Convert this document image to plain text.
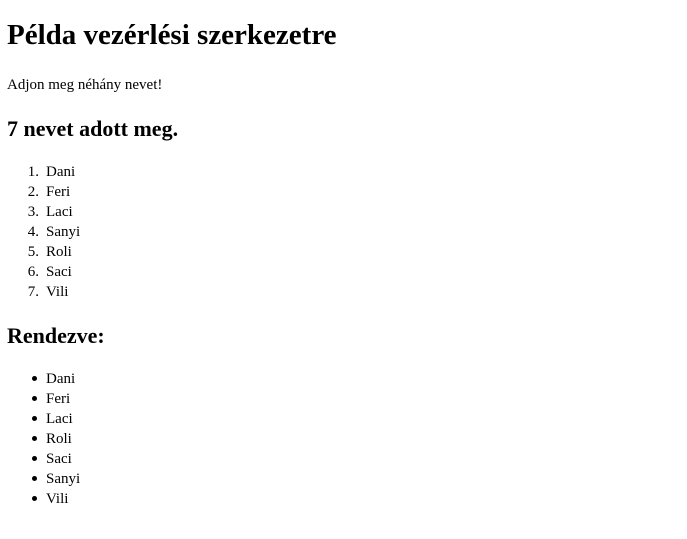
Példa vezérlési szerkezetre

Adjon meg néhány nevet!

7 nevet adott meg.
1. Dani
2. Feri
3. Laci
4. Sanyi
5. Roli
6. Saci
7. Vili
Rendezve:
Dani
Feri
Laci
Roli
Saci
Sanyi
Vili
